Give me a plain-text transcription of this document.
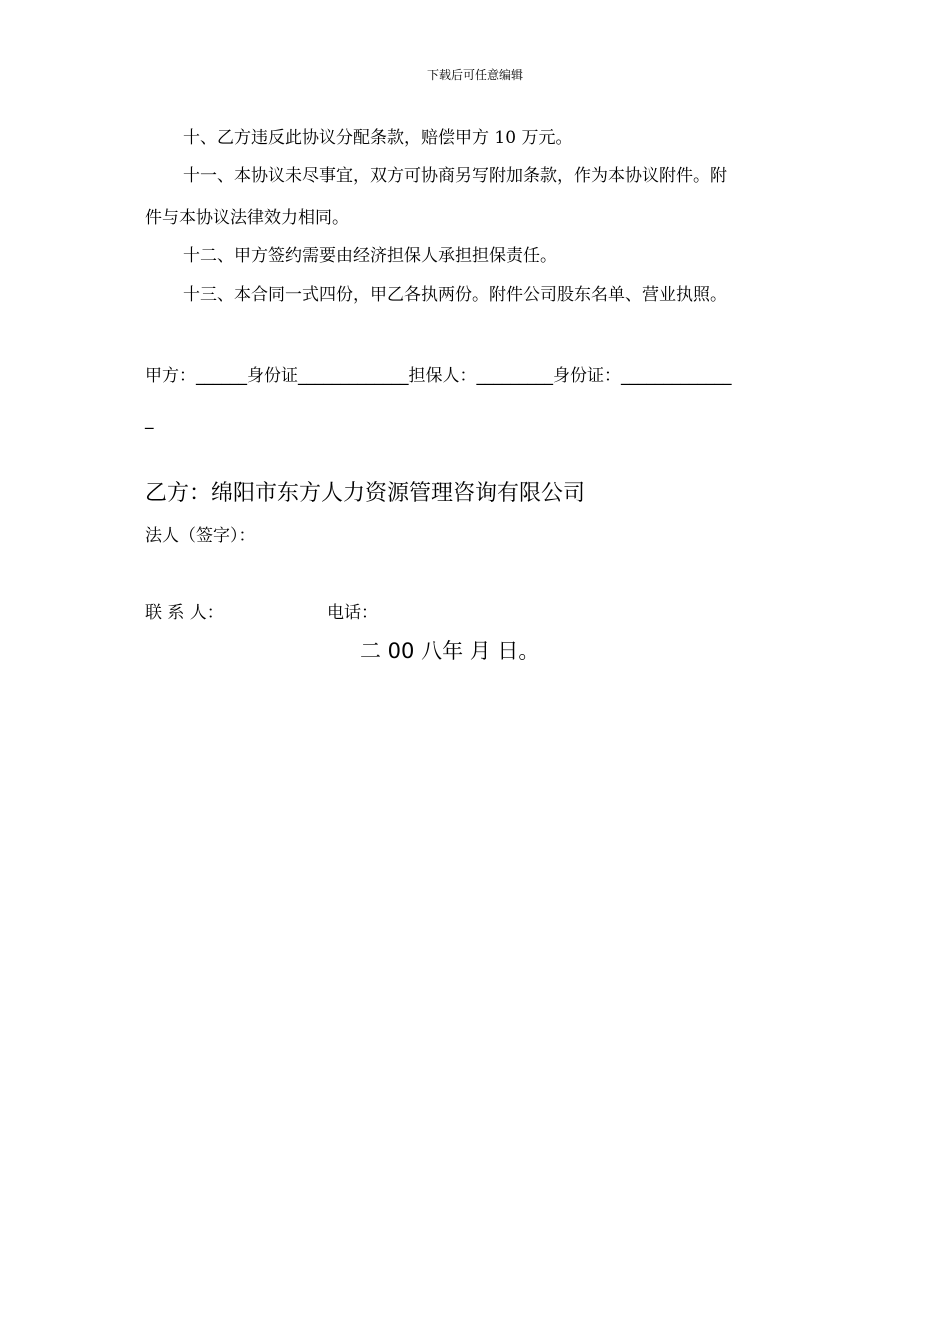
下载后可任意编辑
十、乙方违反此协议分配条款，赔偿甲方 10 万元。
十一、本协议未尽事宜，双方可协商另写附加条款，作为本协议附件。附
件与本协议法律效力相同。
十二、甲方签约需要由经济担保人承担担保责任。
十三、本合同一式四份，甲乙各执两份。附件公司股东名单、营业执照。
甲方：______身份证_____________担保人：_________身份证：_____________
_
乙方：绵阳市东方人力资源管理咨询有限公司
法人（签字）：
联 系 人：	电话：
二 00 八年 月 日。
